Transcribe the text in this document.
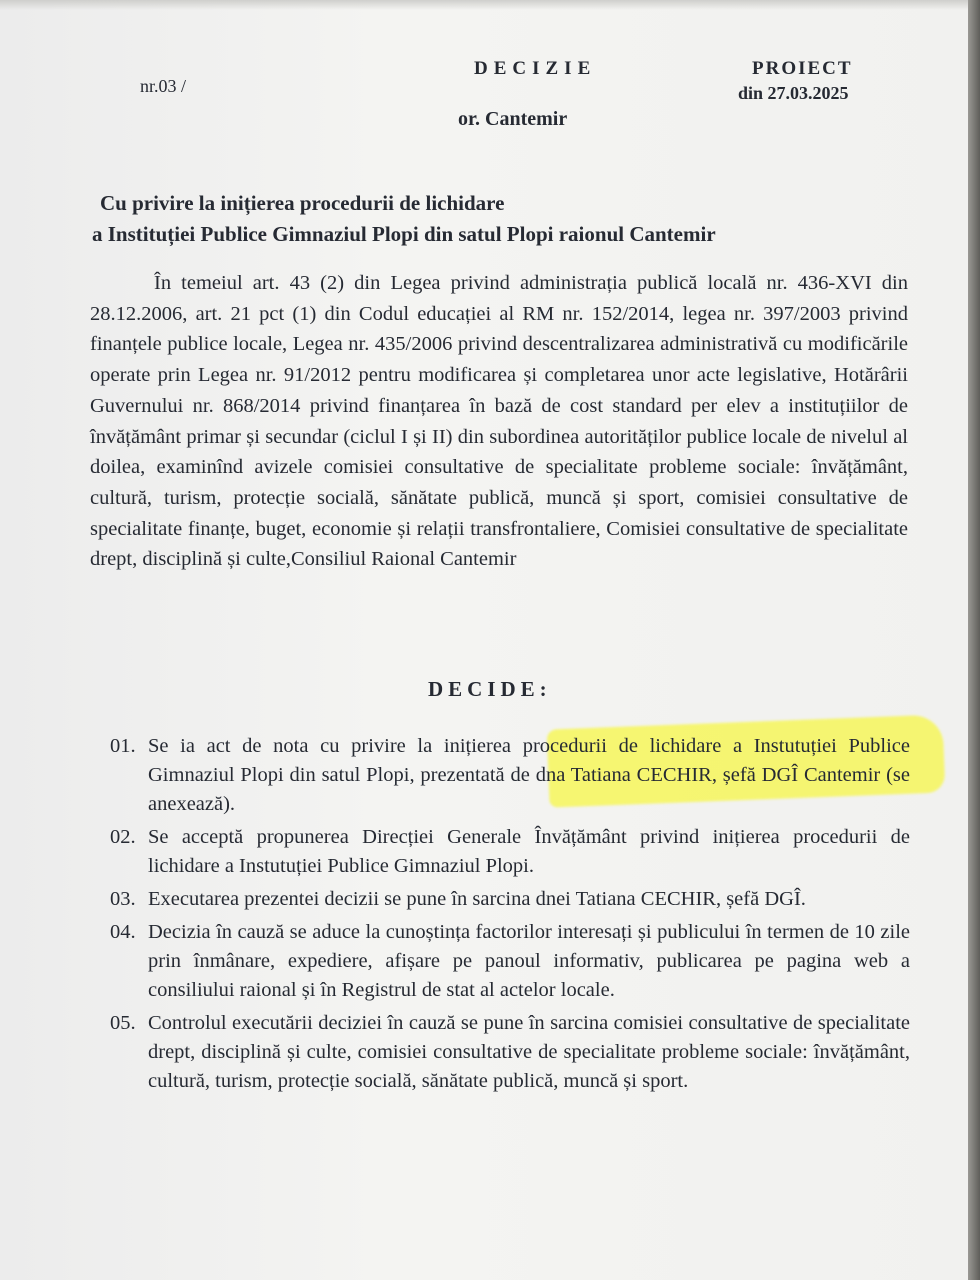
nr.03 /
DECIZIE	PROIECT
din 27.03.2025
or. Cantemir
Cu privire la inițierea procedurii de lichidare
a Instituției Publice Gimnaziul Plopi din satul Plopi raionul Cantemir
În temeiul art. 43 (2) din Legea privind administrația publică locală nr. 436-XVI din 28.12.2006, art. 21 pct (1) din Codul educației al RM nr. 152/2014, legea nr. 397/2003 privind finanțele publice locale, Legea nr. 435/2006 privind descentralizarea administrativă cu modificările operate prin Legea nr. 91/2012 pentru modificarea și completarea unor acte legislative, Hotărârii Guvernului nr. 868/2014 privind finanțarea în bază de cost standard per elev a instituțiilor de învățământ primar și secundar (ciclul I și II) din subordinea autorităților publice locale de nivelul al doilea, examinînd avizele comisiei consultative de specialitate probleme sociale: învățământ, cultură, turism, protecție socială, sănătate publică, muncă și sport, comisiei consultative de specialitate finanțe, buget, economie și relații transfrontaliere, Comisiei consultative de specialitate drept, disciplină și culte,Consiliul Raional Cantemir
DECIDE:
01. Se ia act de nota cu privire la inițierea procedurii de lichidare a Instutuției Publice Gimnaziul Plopi din satul Plopi, prezentată de dna Tatiana CECHIR, șefă DGÎ Cantemir (se anexează).
02. Se acceptă propunerea Direcției Generale Învățământ privind inițierea procedurii de lichidare a Instutuției Publice Gimnaziul Plopi.
03. Executarea prezentei decizii se pune în sarcina dnei Tatiana CECHIR, șefă DGÎ.
04. Decizia în cauză se aduce la cunoștința factorilor interesați și publicului în termen de 10 zile prin înmânare, expediere, afișare pe panoul informativ, publicarea pe pagina web a consiliului raional și în Registrul de stat al actelor locale.
05. Controlul executării deciziei în cauză se pune în sarcina comisiei consultative de specialitate drept, disciplină și culte, comisiei consultative de specialitate probleme sociale: învățământ, cultură, turism, protecție socială, sănătate publică, muncă și sport.
